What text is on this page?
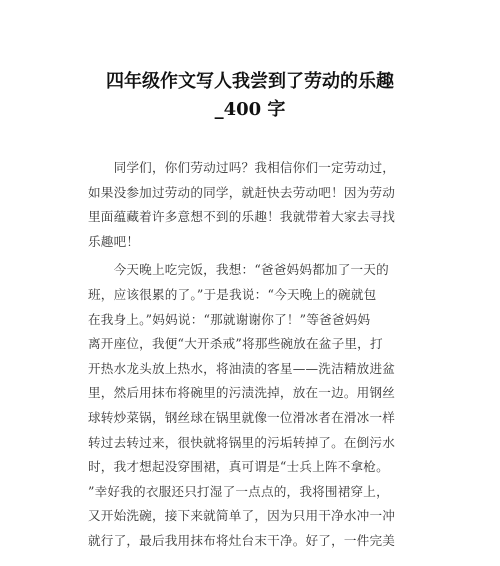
四年级作文写人我尝到了劳动的乐趣
_400 字

　　同学们，你们劳动过吗？我相信你们一定劳动过，
如果没参加过劳动的同学，就赶快去劳动吧！因为劳动
里面蕴藏着许多意想不到的乐趣！我就带着大家去寻找
乐趣吧！

　　今天晚上吃完饭，我想：“爸爸妈妈都加了一天的
班，应该很累的了。”于是我说：“今天晚上的碗就包
在我身上。”妈妈说：“那就谢谢你了！”等爸爸妈妈
离开座位，我便“大开杀戒”将那些碗放在盆子里，打
开热水龙头放上热水，将油渍的客星——洗洁精放进盆
里，然后用抹布将碗里的污渍洗掉，放在一边。用钢丝
球转炒菜锅，钢丝球在锅里就像一位滑冰者在滑冰一样
转过去转过来，很快就将锅里的污垢转掉了。在倒污水
时，我才想起没穿围裙，真可谓是“士兵上阵不拿枪。
”幸好我的衣服还只打湿了一点点的，我将围裙穿上，
又开始洗碗，接下来就简单了，因为只用干净水冲一冲
就行了，最后我用抹布将灶台末干净。好了，一件完美
